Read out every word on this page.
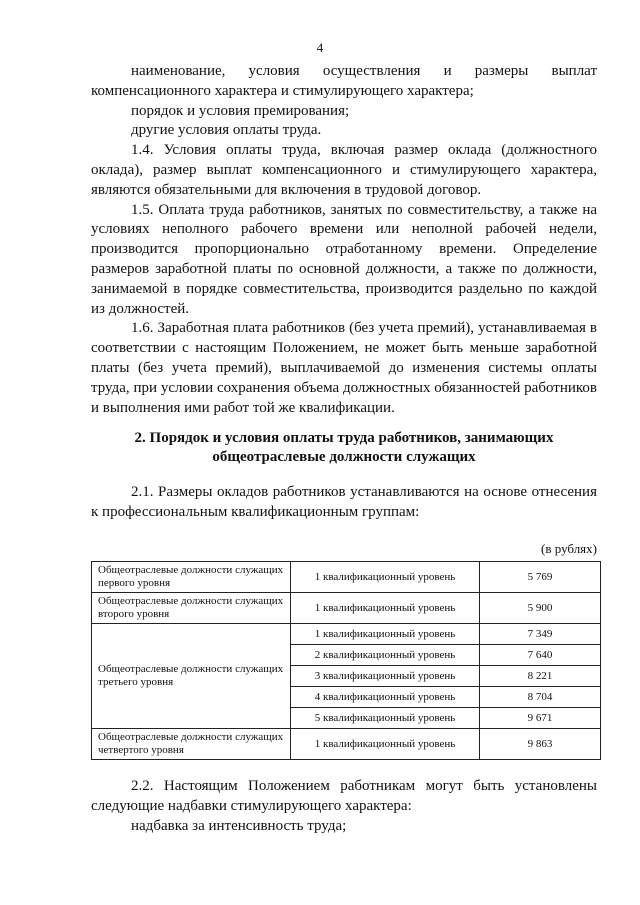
4

наименование, условия осуществления и размеры выплат компенсационного характера и стимулирующего характера;

порядок и условия премирования;

другие условия оплаты труда.

1.4. Условия оплаты труда, включая размер оклада (должностного оклада), размер выплат компенсационного и стимулирующего характера, являются обязательными для включения в трудовой договор.

1.5. Оплата труда работников, занятых по совместительству, а также на условиях неполного рабочего времени или неполной рабочей недели, производится пропорционально отработанному времени. Определение размеров заработной платы по основной должности, а также по должности, занимаемой в порядке совместительства, производится раздельно по каждой из должностей.

1.6. Заработная плата работников (без учета премий), устанавливаемая в соответствии с настоящим Положением, не может быть меньше заработной платы (без учета премий), выплачиваемой до изменения системы оплаты труда, при условии сохранения объема должностных обязанностей работников и выполнения ими работ той же квалификации.

2. Порядок и условия оплаты труда работников, занимающих
общеотраслевые должности служащих

2.1. Размеры окладов работников устанавливаются на основе отнесения к профессиональным квалификационным группам:

(в рублях)
Общеотраслевые должности служащих первого уровня	1 квалификационный уровень	5 769
Общеотраслевые должности служащих второго уровня	1 квалификационный уровень	5 900
Общеотраслевые должности служащих третьего уровня	1 квалификационный уровень	7 349
	2 квалификационный уровень	7 640
	3 квалификационный уровень	8 221
	4 квалификационный уровень	8 704
	5 квалификационный уровень	9 671
Общеотраслевые должности служащих четвертого уровня	1 квалификационный уровень	9 863

2.2. Настоящим Положением работникам могут быть установлены следующие надбавки стимулирующего характера:

надбавка за интенсивность труда;
